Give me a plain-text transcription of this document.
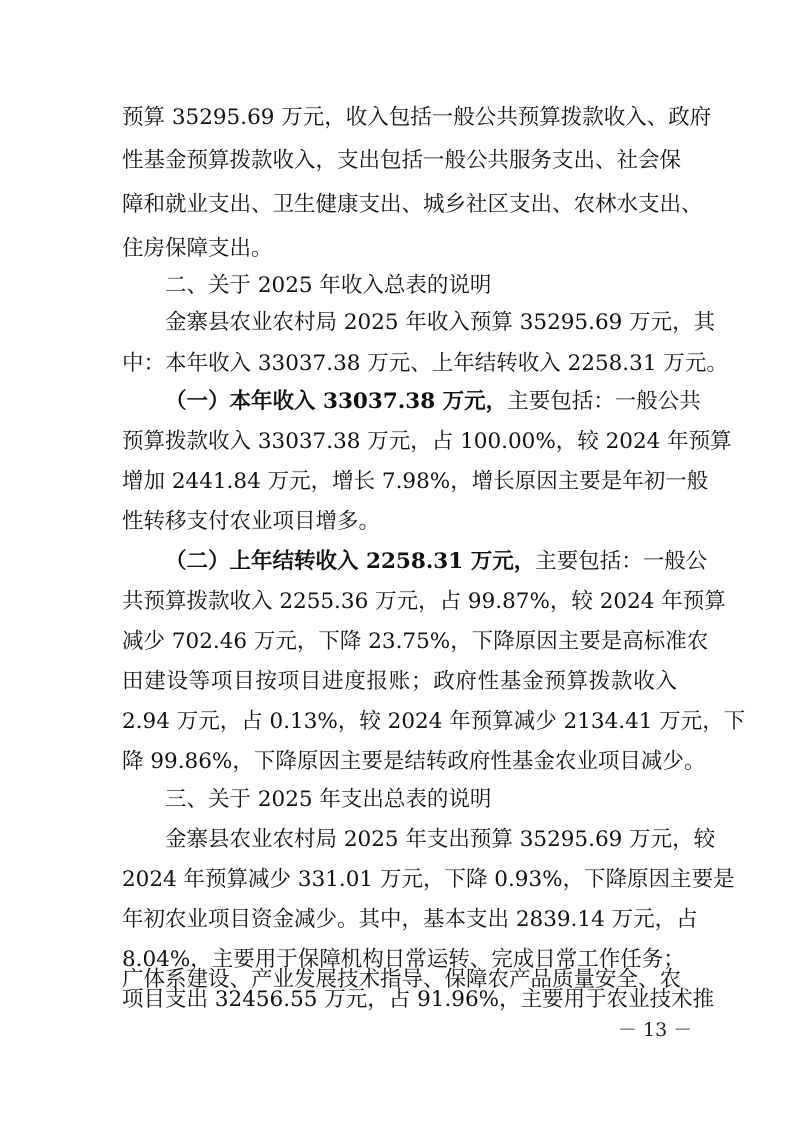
预算 35295.69 万元，收入包括一般公共预算拨款收入、政府
性基金预算拨款收入，支出包括一般公共服务支出、社会保
障和就业支出、卫生健康支出、城乡社区支出、农林水支出、
住房保障支出。
二、关于 2025 年收入总表的说明
金寨县农业农村局 2025 年收入预算 35295.69 万元，其
中：本年收入 33037.38 万元、上年结转收入 2258.31 万元。
（一）本年收入 33037.38 万元，主要包括：一般公共
预算拨款收入 33037.38 万元，占 100.00%，较 2024 年预算
增加 2441.84 万元，增长 7.98%，增长原因主要是年初一般
性转移支付农业项目增多。
（二）上年结转收入 2258.31 万元，主要包括：一般公
共预算拨款收入 2255.36 万元，占 99.87%，较 2024 年预算
减少 702.46 万元，下降 23.75%，下降原因主要是高标准农
田建设等项目按项目进度报账；政府性基金预算拨款收入
2.94 万元，占 0.13%，较 2024 年预算减少 2134.41 万元，下
降 99.86%，下降原因主要是结转政府性基金农业项目减少。
三、关于 2025 年支出总表的说明
金寨县农业农村局 2025 年支出预算 35295.69 万元，较
2024 年预算减少 331.01 万元，下降 0.93%，下降原因主要是
年初农业项目资金减少。其中，基本支出 2839.14 万元，占
8.04%，主要用于保障机构日常运转、完成日常工作任务；
项目支出 32456.55 万元，占 91.96%，主要用于农业技术推
广体系建设、产业发展技术指导、保障农产品质量安全、农
－ 13 －
